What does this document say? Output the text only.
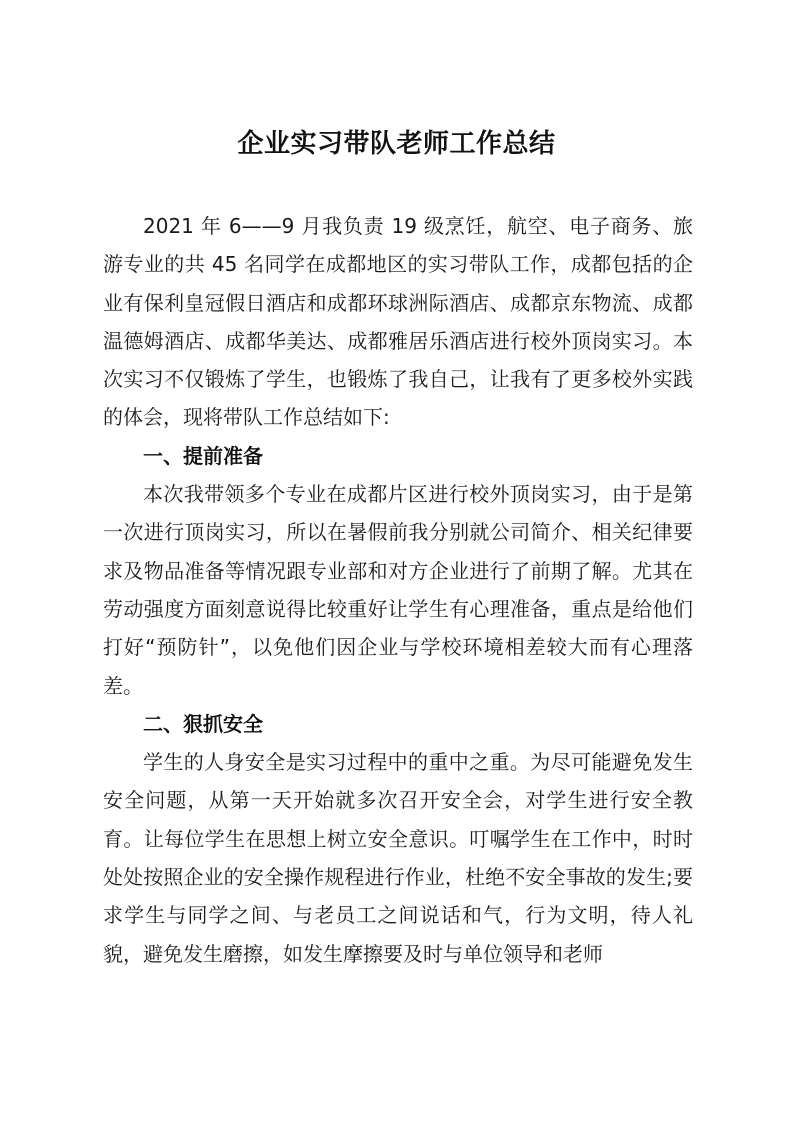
企业实习带队老师工作总结

2021 年 6——9 月我负责 19 级烹饪，航空、电子商务、旅游专业的共 45 名同学在成都地区的实习带队工作，成都包括的企业有保利皇冠假日酒店和成都环球洲际酒店、成都京东物流、成都温德姆酒店、成都华美达、成都雅居乐酒店进行校外顶岗实习。本次实习不仅锻炼了学生，也锻炼了我自己，让我有了更多校外实践的体会，现将带队工作总结如下:

一、提前准备

本次我带领多个专业在成都片区进行校外顶岗实习，由于是第一次进行顶岗实习，所以在暑假前我分别就公司简介、相关纪律要求及物品准备等情况跟专业部和对方企业进行了前期了解。尤其在劳动强度方面刻意说得比较重好让学生有心理准备，重点是给他们打好“预防针”，以免他们因企业与学校环境相差较大而有心理落差。

二、狠抓安全

学生的人身安全是实习过程中的重中之重。为尽可能避免发生安全问题，从第一天开始就多次召开安全会，对学生进行安全教育。让每位学生在思想上树立安全意识。叮嘱学生在工作中，时时处处按照企业的安全操作规程进行作业，杜绝不安全事故的发生;要求学生与同学之间、与老员工之间说话和气，行为文明，待人礼貌，避免发生磨擦，如发生摩擦要及时与单位领导和老师
